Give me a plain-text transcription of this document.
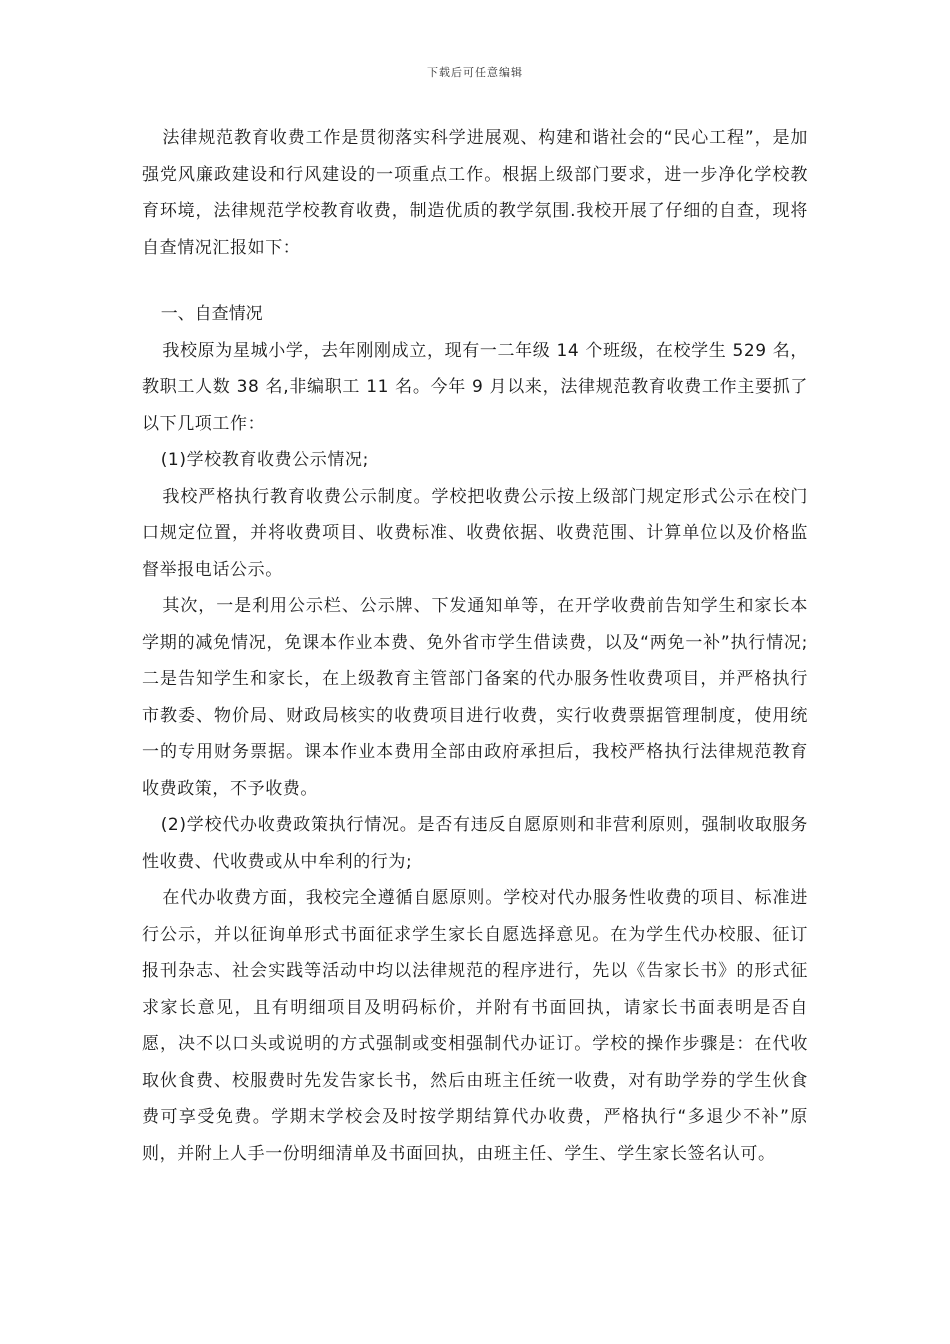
下载后可任意编辑

法律规范教育收费工作是贯彻落实科学进展观、构建和谐社会的“民心工程”，是加强党风廉政建设和行风建设的一项重点工作。根据上级部门要求，进一步净化学校教育环境，法律规范学校教育收费，制造优质的教学氛围.我校开展了仔细的自查，现将自查情况汇报如下：

一、自查情况

我校原为星城小学，去年刚刚成立，现有一二年级 14 个班级，在校学生 529 名，教职工人数 38 名,非编职工 11 名。今年 9 月以来，法律规范教育收费工作主要抓了以下几项工作：

(1)学校教育收费公示情况;

我校严格执行教育收费公示制度。学校把收费公示按上级部门规定形式公示在校门口规定位置，并将收费项目、收费标准、收费依据、收费范围、计算单位以及价格监督举报电话公示。

其次，一是利用公示栏、公示牌、下发通知单等，在开学收费前告知学生和家长本学期的减免情况，免课本作业本费、免外省市学生借读费，以及“两免一补”执行情况;二是告知学生和家长，在上级教育主管部门备案的代办服务性收费项目，并严格执行市教委、物价局、财政局核实的收费项目进行收费，实行收费票据管理制度，使用统一的专用财务票据。课本作业本费用全部由政府承担后，我校严格执行法律规范教育收费政策，不予收费。

(2)学校代办收费政策执行情况。是否有违反自愿原则和非营利原则，强制收取服务性收费、代收费或从中牟利的行为;

在代办收费方面，我校完全遵循自愿原则。学校对代办服务性收费的项目、标准进行公示，并以征询单形式书面征求学生家长自愿选择意见。在为学生代办校服、征订报刊杂志、社会实践等活动中均以法律规范的程序进行，先以《告家长书》的形式征求家长意见，且有明细项目及明码标价，并附有书面回执，请家长书面表明是否自愿，决不以口头或说明的方式强制或变相强制代办证订。学校的操作步骤是：在代收取伙食费、校服费时先发告家长书，然后由班主任统一收费，对有助学券的学生伙食费可享受免费。学期末学校会及时按学期结算代办收费，严格执行“多退少不补”原则，并附上人手一份明细清单及书面回执，由班主任、学生、学生家长签名认可。
